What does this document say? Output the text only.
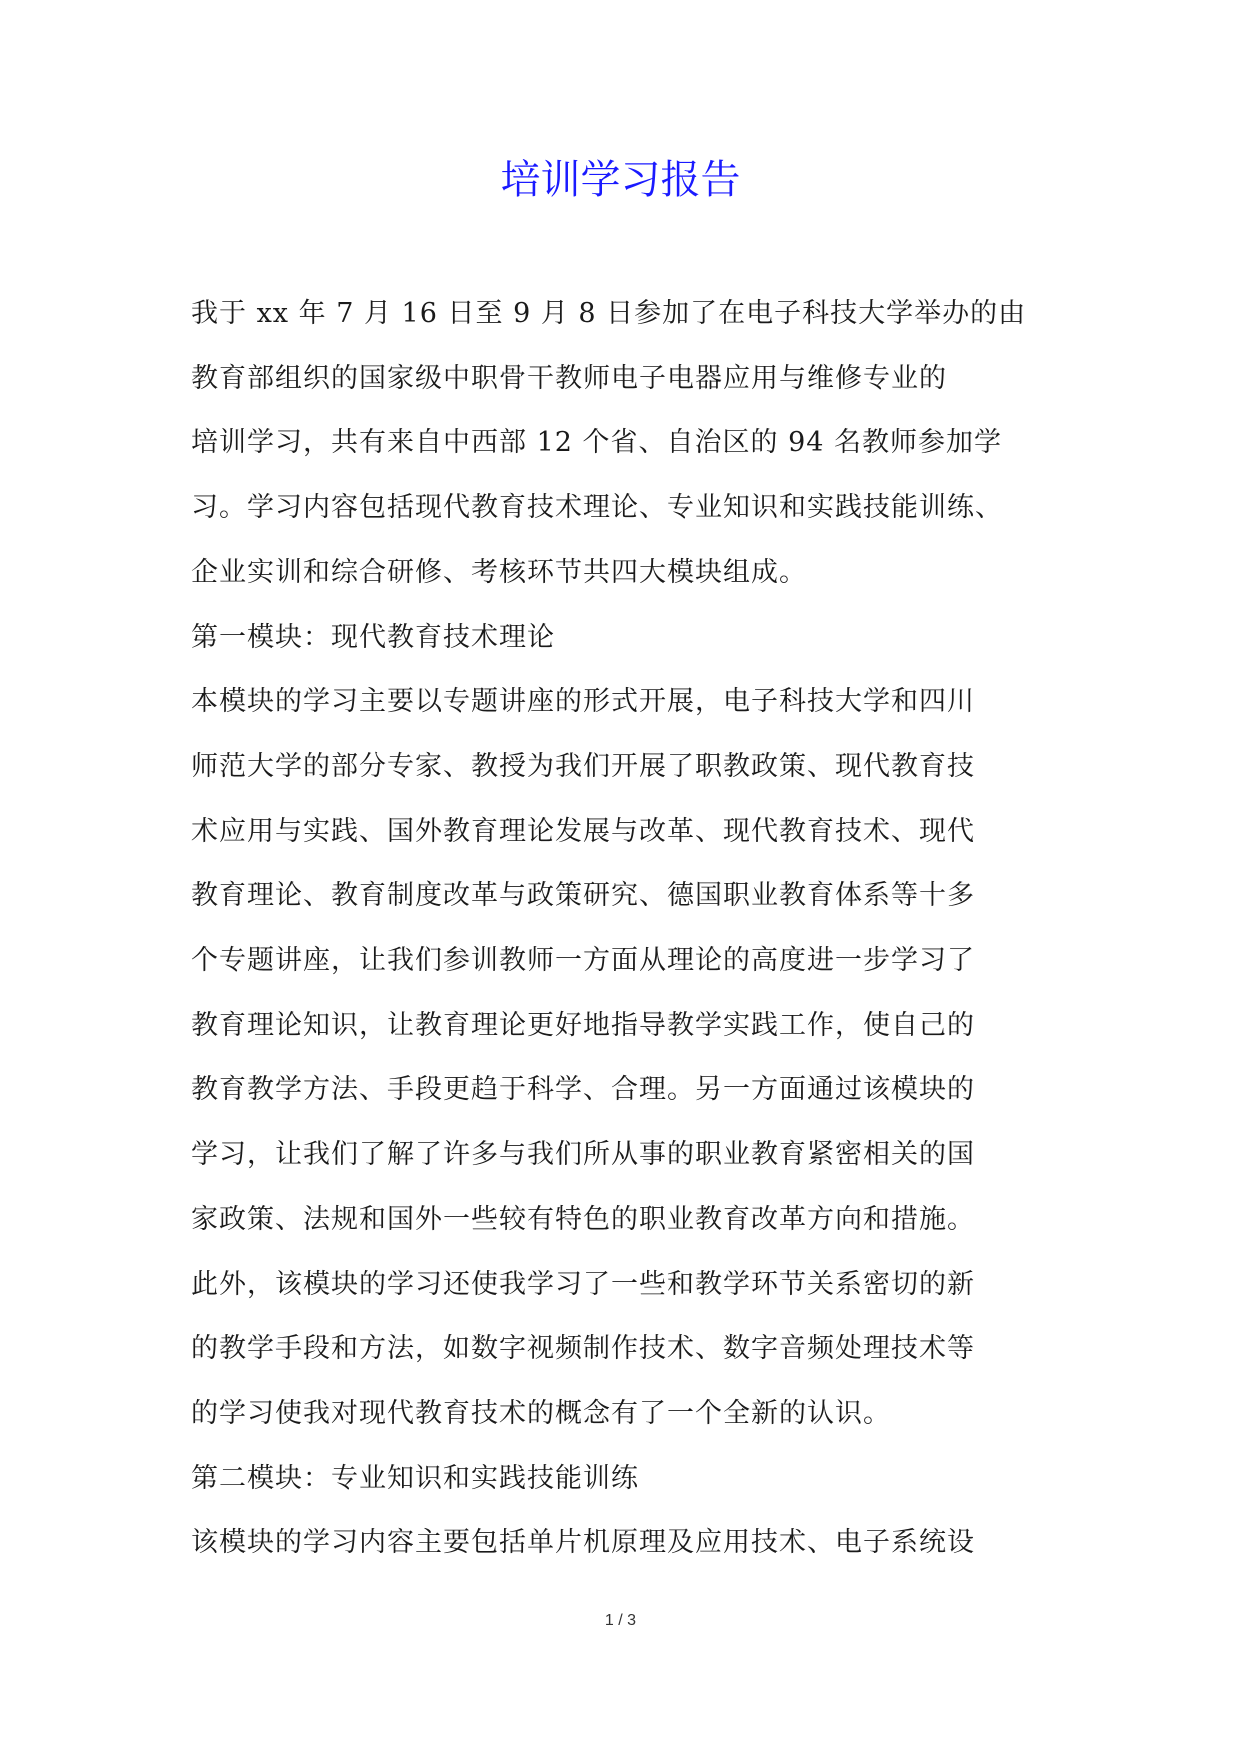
培训学习报告

我于 xx 年 7 月 16 日至 9 月 8 日参加了在电子科技大学举办的由

教育部组织的国家级中职骨干教师电子电器应用与维修专业的

培训学习，共有来自中西部 12 个省、自治区的 94 名教师参加学

习。学习内容包括现代教育技术理论、专业知识和实践技能训练、

企业实训和综合研修、考核环节共四大模块组成。

第一模块：现代教育技术理论

本模块的学习主要以专题讲座的形式开展，电子科技大学和四川

师范大学的部分专家、教授为我们开展了职教政策、现代教育技

术应用与实践、国外教育理论发展与改革、现代教育技术、现代

教育理论、教育制度改革与政策研究、德国职业教育体系等十多

个专题讲座，让我们参训教师一方面从理论的高度进一步学习了

教育理论知识，让教育理论更好地指导教学实践工作，使自己的

教育教学方法、手段更趋于科学、合理。另一方面通过该模块的

学习，让我们了解了许多与我们所从事的职业教育紧密相关的国

家政策、法规和国外一些较有特色的职业教育改革方向和措施。

此外，该模块的学习还使我学习了一些和教学环节关系密切的新

的教学手段和方法，如数字视频制作技术、数字音频处理技术等

的学习使我对现代教育技术的概念有了一个全新的认识。

第二模块：专业知识和实践技能训练

该模块的学习内容主要包括单片机原理及应用技术、电子系统设

1 / 3
